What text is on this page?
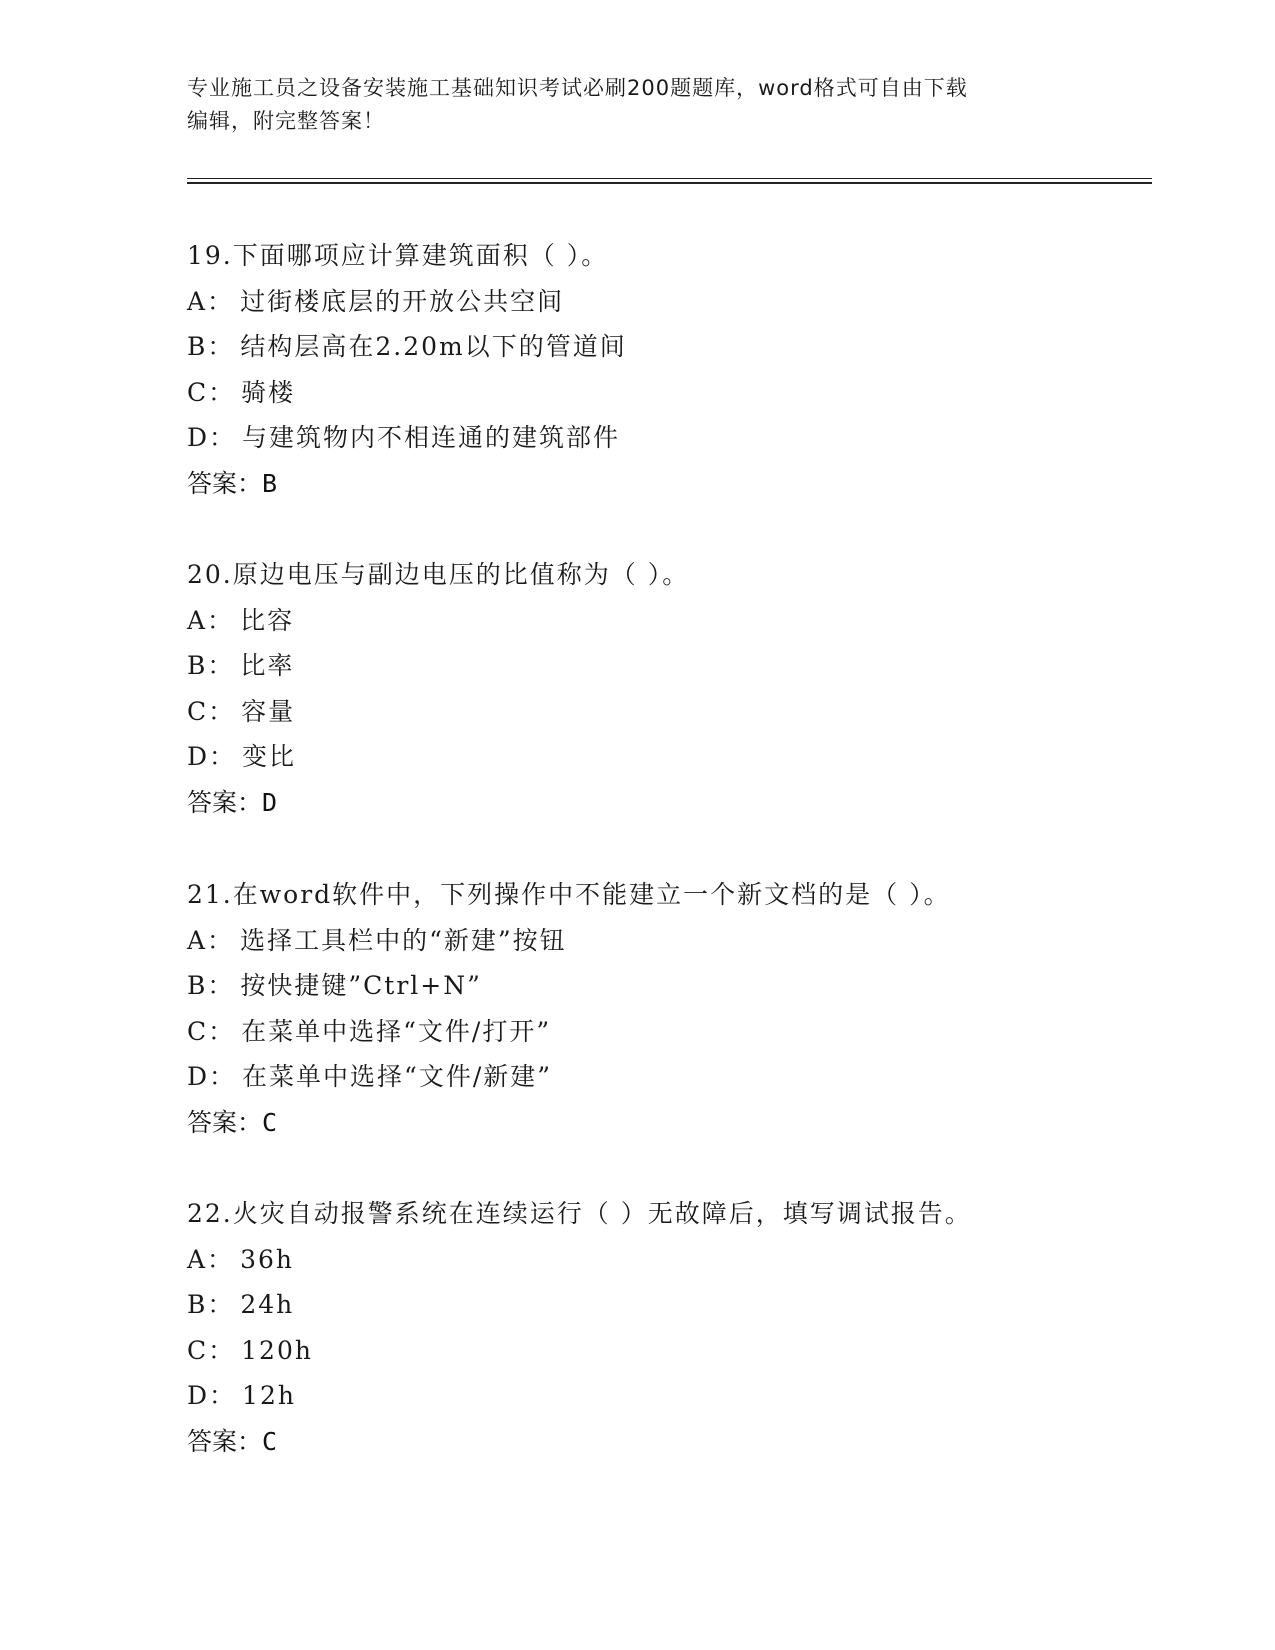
专业施工员之设备安装施工基础知识考试必刷200题题库，word格式可自由下载
编辑，附完整答案！
19.下面哪项应计算建筑面积（ ）。
A： 过街楼底层的开放公共空间
B： 结构层高在2.20m以下的管道间
C： 骑楼
D： 与建筑物内不相连通的建筑部件
答案：B
20.原边电压与副边电压的比值称为（ ）。
A： 比容
B： 比率
C： 容量
D： 变比
答案：D
21.在word软件中，下列操作中不能建立一个新文档的是（ ）。
A： 选择工具栏中的“新建”按钮
B： 按快捷键”Ctrl+N”
C： 在菜单中选择“文件/打开”
D： 在菜单中选择“文件/新建”
答案：C
22.火灾自动报警系统在连续运行（ ）无故障后，填写调试报告。
A： 36h
B： 24h
C： 120h
D： 12h
答案：C
